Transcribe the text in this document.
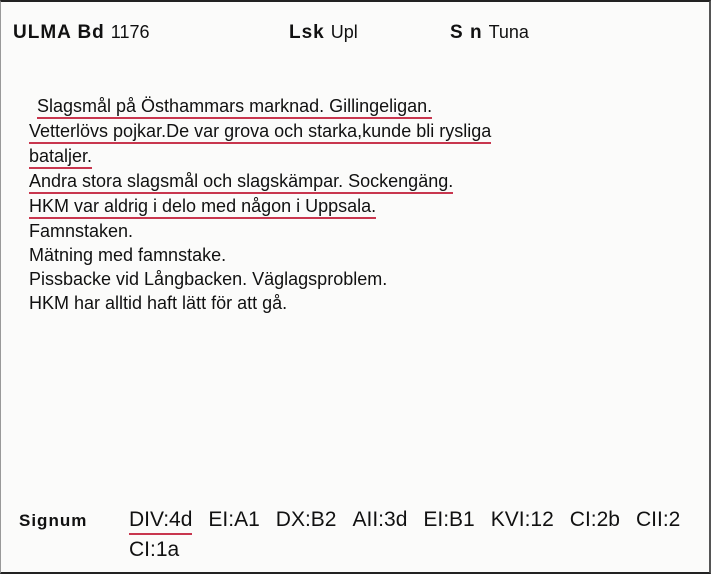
ULMA Bd 1176	Lsk Upl	S n Tuna
Slagsmål på Östhammars marknad. Gillingeligan.
Vetterlövs pojkar.De var grova och starka,kunde bli rysliga
bataljer.
Andra stora slagsmål och slagskämpar. Sockengäng.
HKM var aldrig i delo med någon i Uppsala.
Famnstaken.
Mätning med famnstake.
Pissbacke vid Långbacken. Väglagsproblem.
HKM har alltid haft lätt för att gå.
Signum DIV:4d EI:A1 DX:B2 AII:3d EI:B1 KVI:12 CI:2b CII:2CI:1a
